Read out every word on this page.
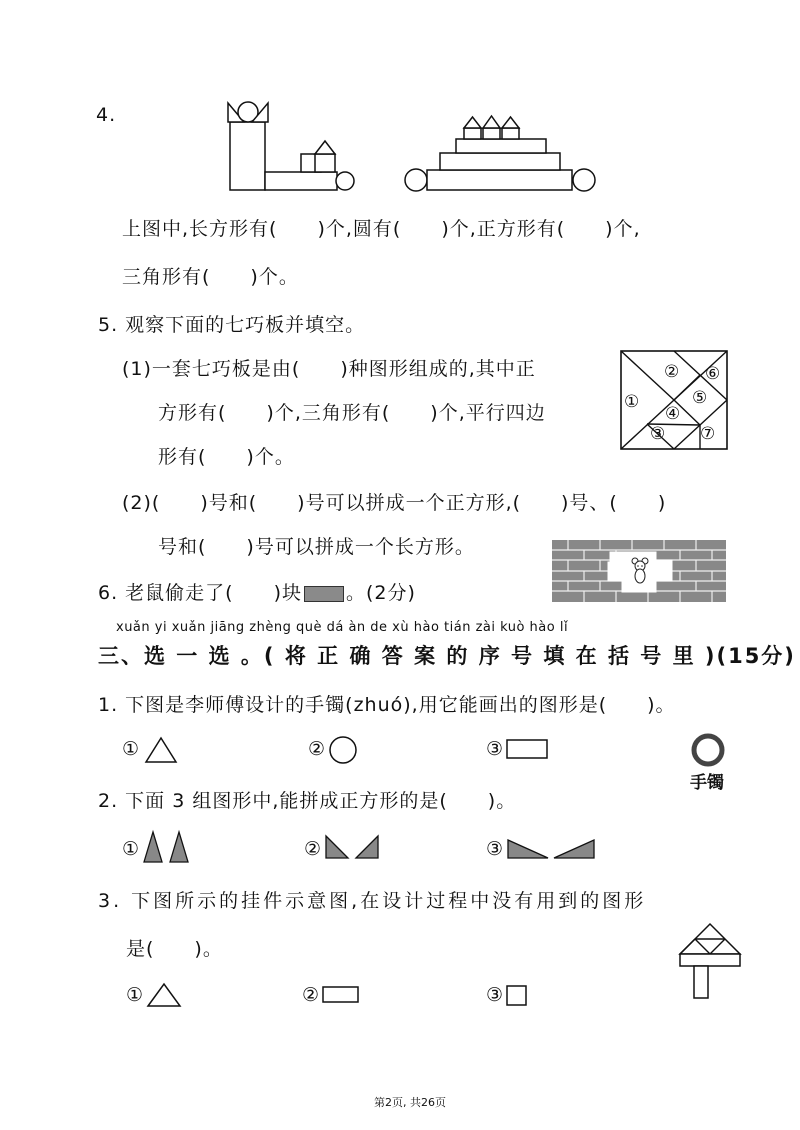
4.
上图中,长方形有(　　)个,圆有(　　)个,正方形有(　　)个,
三角形有(　　)个。
5. 观察下面的七巧板并填空。
(1)一套七巧板是由(　　)种图形组成的,其中正
方形有(　　)个,三角形有(　　)个,平行四边
形有(　　)个。
①
②
③
④
⑤
⑥
⑦
(2)(　　)号和(　　)号可以拼成一个正方形,(　　)号、(　　)
号和(　　)号可以拼成一个长方形。
6. 老鼠偷走了(　　)块 。(2分)
xuǎn yi xuǎn jiāng zhèng què dá àn de xù hào tián zài kuò hào lǐ
三、选 一 选 。( 将 正 确 答 案 的 序 号 填 在 括 号 里 )(15分)
1. 下图是李师傅设计的手镯(zhuó),用它能画出的图形是(　　)。
①	②	③
手镯
2. 下面 3 组图形中,能拼成正方形的是(　　)。
①	②	③
3. 下图所示的挂件示意图,在设计过程中没有用到的图形
是(　　)。
①	②	③
第2页, 共26页
